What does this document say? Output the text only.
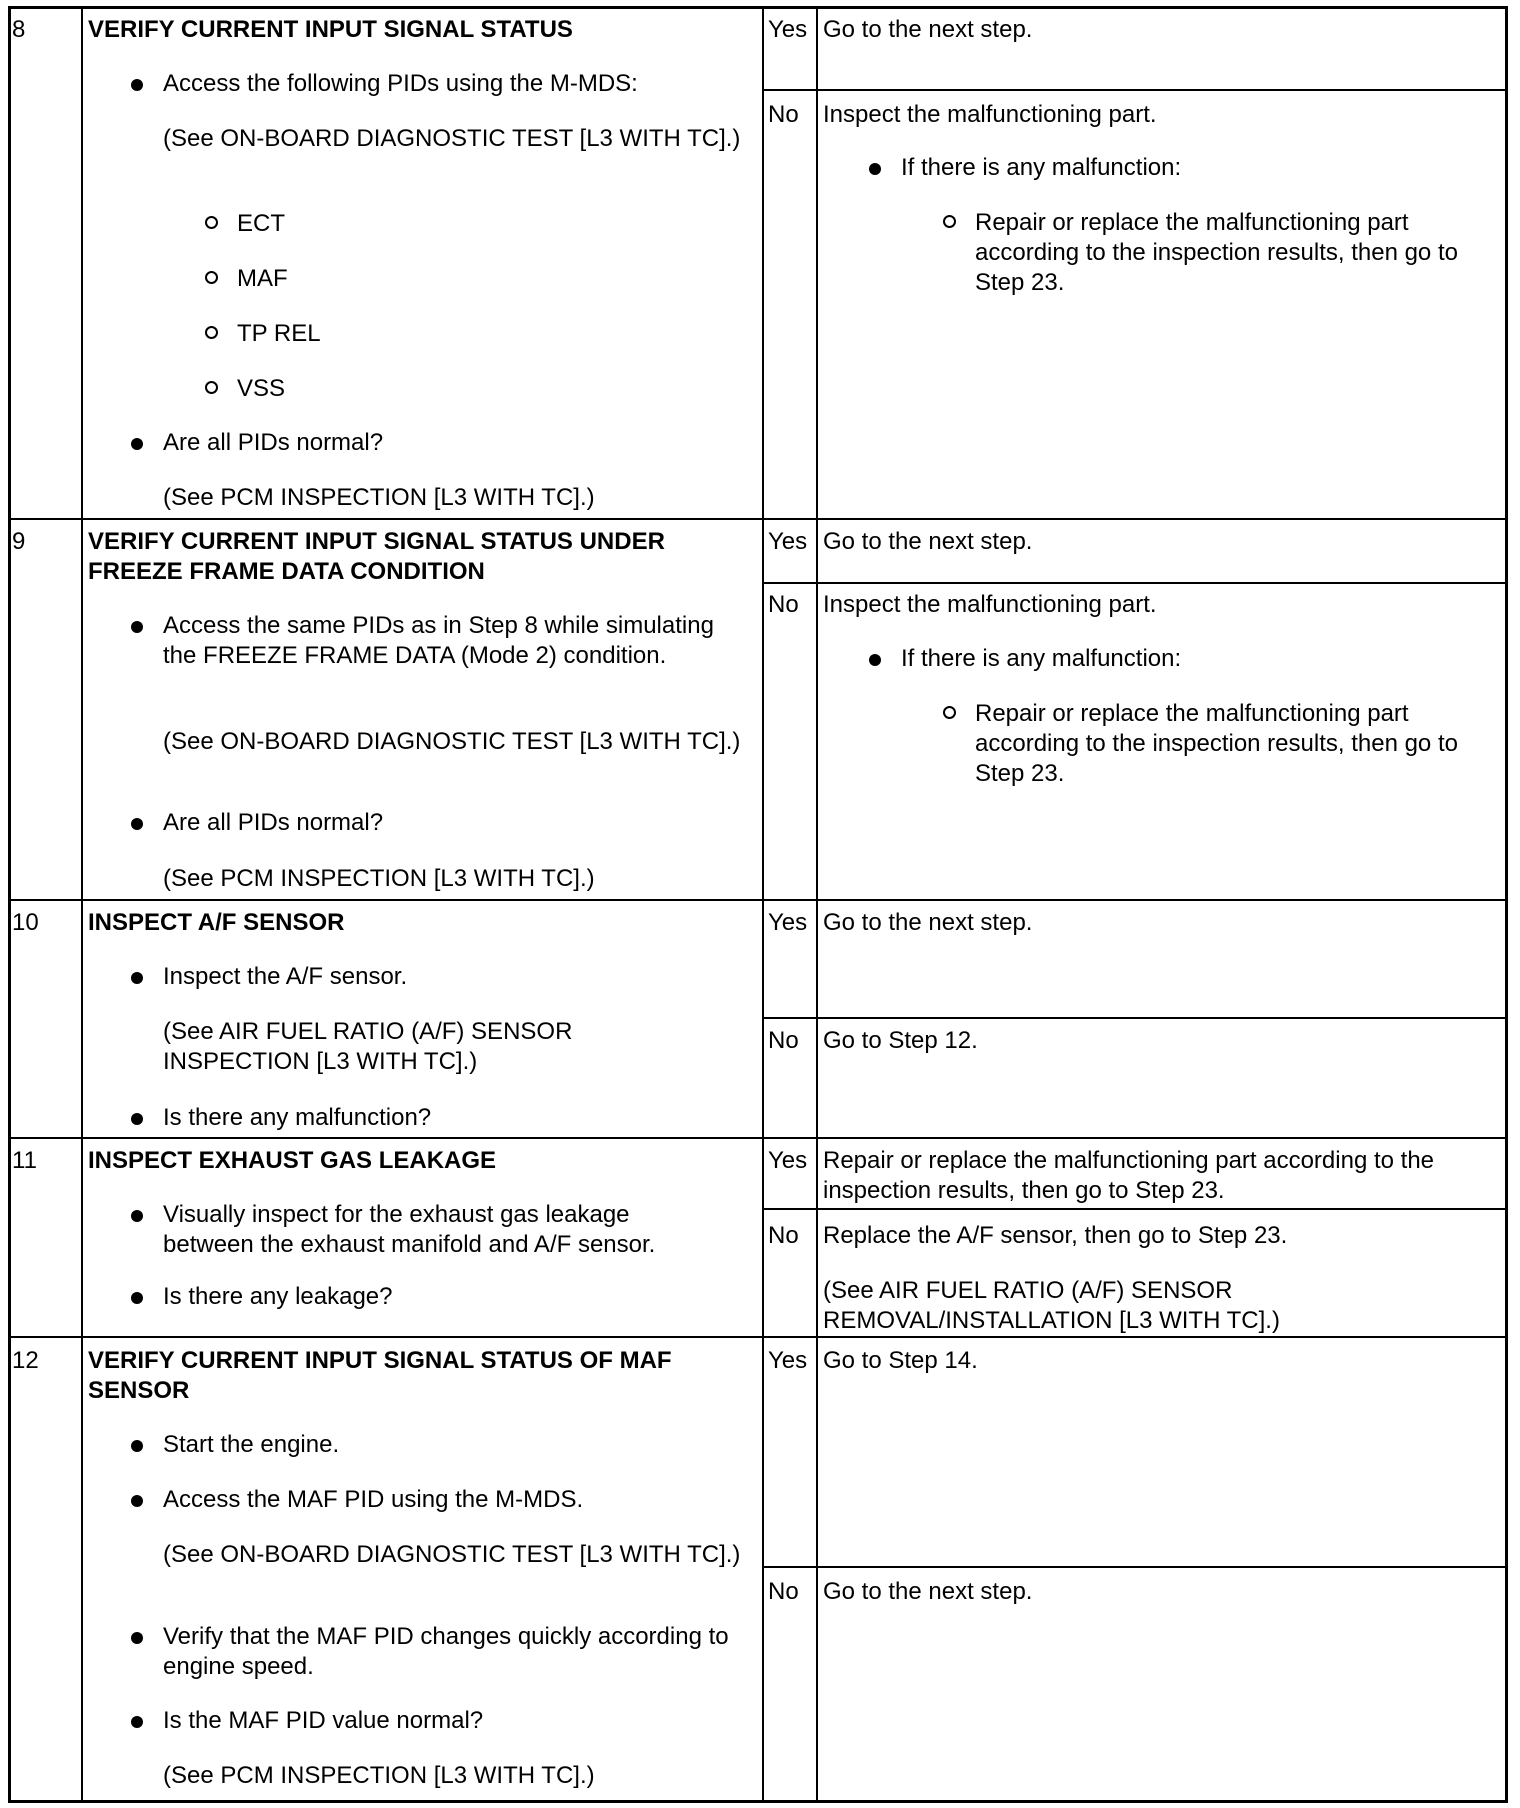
8	VERIFY CURRENT INPUT SIGNAL STATUS
Access the following PIDs using the M-MDS:
(See ON-BOARD DIAGNOSTIC TEST [L3 WITH TC].)
ECT
MAF
TP REL
VSS
Are all PIDs normal?
(See PCM INSPECTION [L3 WITH TC].)
Yes Go to the next step.
No Inspect the malfunctioning part.
If there is any malfunction:
Repair or replace the malfunctioning part according to the inspection results, then go to Step 23.
9	VERIFY CURRENT INPUT SIGNAL STATUS UNDER FREEZE FRAME DATA CONDITION
Access the same PIDs as in Step 8 while simulating the FREEZE FRAME DATA (Mode 2) condition.
(See ON-BOARD DIAGNOSTIC TEST [L3 WITH TC].)
Are all PIDs normal?
(See PCM INSPECTION [L3 WITH TC].)
Yes Go to the next step.
No Inspect the malfunctioning part.
If there is any malfunction:
Repair or replace the malfunctioning part according to the inspection results, then go to Step 23.
10 INSPECT A/F SENSOR
Inspect the A/F sensor.
(See AIR FUEL RATIO (A/F) SENSOR INSPECTION [L3 WITH TC].)
Is there any malfunction?
Yes Go to the next step.
No Go to Step 12.
11 INSPECT EXHAUST GAS LEAKAGE
Visually inspect for the exhaust gas leakage between the exhaust manifold and A/F sensor.
Is there any leakage?
Yes Repair or replace the malfunctioning part according to the inspection results, then go to Step 23.
No Replace the A/F sensor, then go to Step 23.
(See AIR FUEL RATIO (A/F) SENSOR REMOVAL/INSTALLATION [L3 WITH TC].)
12 VERIFY CURRENT INPUT SIGNAL STATUS OF MAF SENSOR
Start the engine.
Access the MAF PID using the M-MDS.
(See ON-BOARD DIAGNOSTIC TEST [L3 WITH TC].)
Verify that the MAF PID changes quickly according to engine speed.
Is the MAF PID value normal?
(See PCM INSPECTION [L3 WITH TC].)
Yes Go to Step 14.
No Go to the next step.
